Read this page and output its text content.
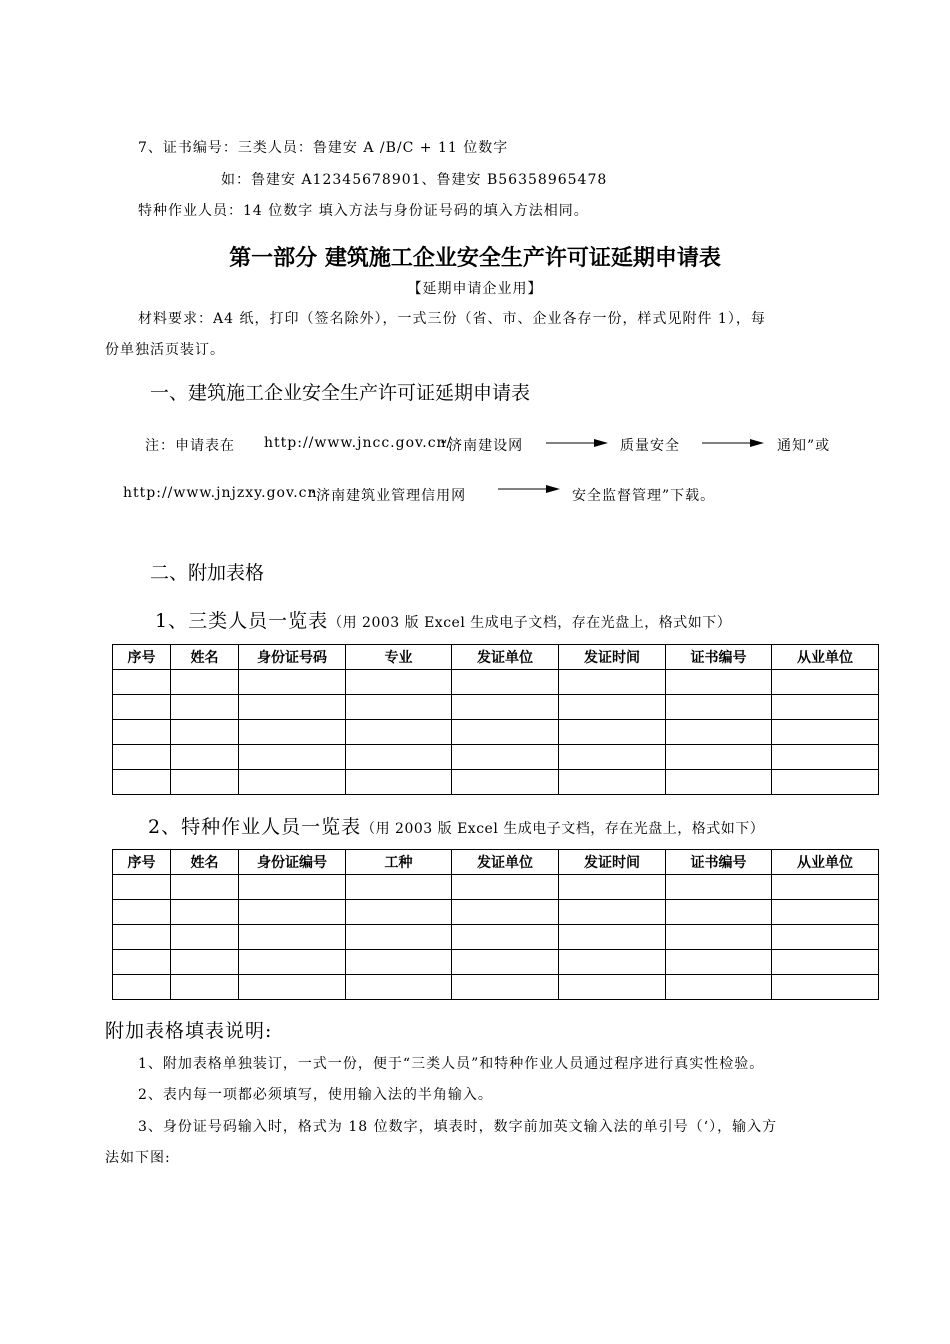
7、证书编号：三类人员：鲁建安 A /B/C + 11 位数字
如：鲁建安 A12345678901、鲁建安 B56358965478
特种作业人员：14 位数字 填入方法与身份证号码的填入方法相同。
第一部分 建筑施工企业安全生产许可证延期申请表
【延期申请企业用】
材料要求：A4 纸，打印（签名除外），一式三份（省、市、企业各存一份，样式见附件 1），每
份单独活页装订。
一、建筑施工企业安全生产许可证延期申请表
注：申请表在 http://www.jncc.gov.cn/
“济南建设网	质量安全	通知”或
http://www.jnjzxy.gov.cn
“济南建筑业管理信用网	安全监督管理”下载。
二、附加表格
1、三类人员一览表（用 2003 版 Excel 生成电子文档，存在光盘上，格式如下）
序号	姓名	身份证号码	专业	发证单位	发证时间	证书编号	从业单位

2、特种作业人员一览表（用 2003 版 Excel 生成电子文档，存在光盘上，格式如下）
序号	姓名	身份证编号	工种	发证单位	发证时间	证书编号	从业单位

附加表格填表说明:
1、附加表格单独装订，一式一份，便于“三类人员”和特种作业人员通过程序进行真实性检验。
2、表内每一项都必须填写，使用输入法的半角输入。
3、身份证号码输入时，格式为 18 位数字，填表时，数字前加英文输入法的单引号（‘），输入方
法如下图:
